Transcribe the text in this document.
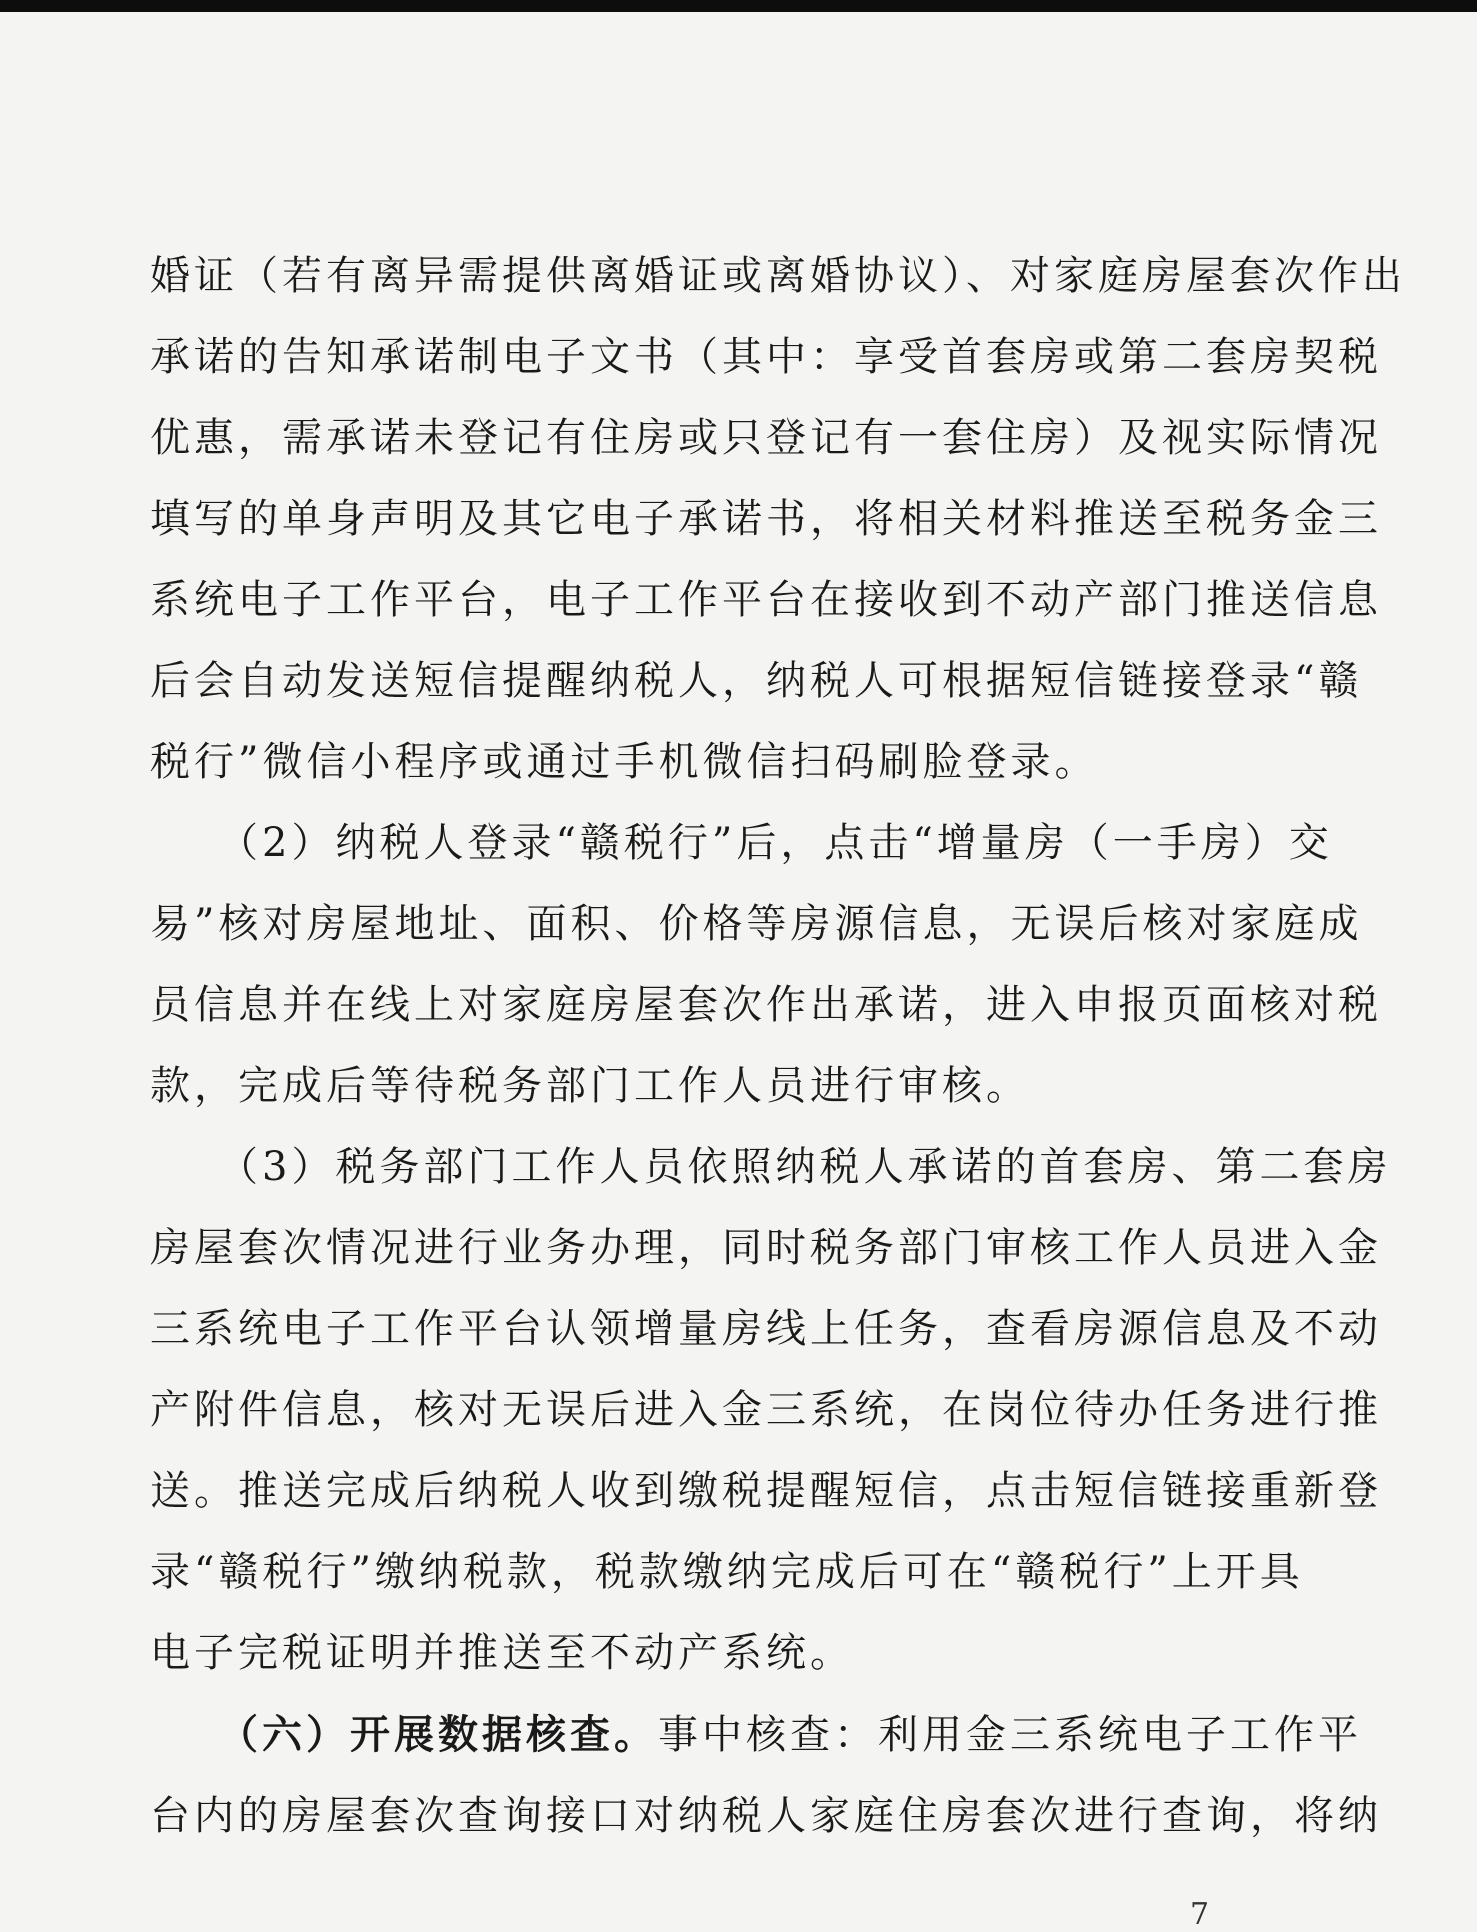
婚证（若有离异需提供离婚证或离婚协议）、对家庭房屋套次作出
承诺的告知承诺制电子文书（其中：享受首套房或第二套房契税
优惠，需承诺未登记有住房或只登记有一套住房）及视实际情况
填写的单身声明及其它电子承诺书，将相关材料推送至税务金三
系统电子工作平台，电子工作平台在接收到不动产部门推送信息
后会自动发送短信提醒纳税人，纳税人可根据短信链接登录“赣
税行”微信小程序或通过手机微信扫码刷脸登录。

　　（2）纳税人登录“赣税行”后，点击“增量房（一手房）交
易”核对房屋地址、面积、价格等房源信息，无误后核对家庭成
员信息并在线上对家庭房屋套次作出承诺，进入申报页面核对税
款，完成后等待税务部门工作人员进行审核。

　　（3）税务部门工作人员依照纳税人承诺的首套房、第二套房
房屋套次情况进行业务办理，同时税务部门审核工作人员进入金
三系统电子工作平台认领增量房线上任务，查看房源信息及不动
产附件信息，核对无误后进入金三系统，在岗位待办任务进行推
送。推送完成后纳税人收到缴税提醒短信，点击短信链接重新登
录“赣税行”缴纳税款，税款缴纳完成后可在“赣税行”上开具
电子完税证明并推送至不动产系统。

　　（六）开展数据核查。事中核查：利用金三系统电子工作平
台内的房屋套次查询接口对纳税人家庭住房套次进行查询，将纳

7
